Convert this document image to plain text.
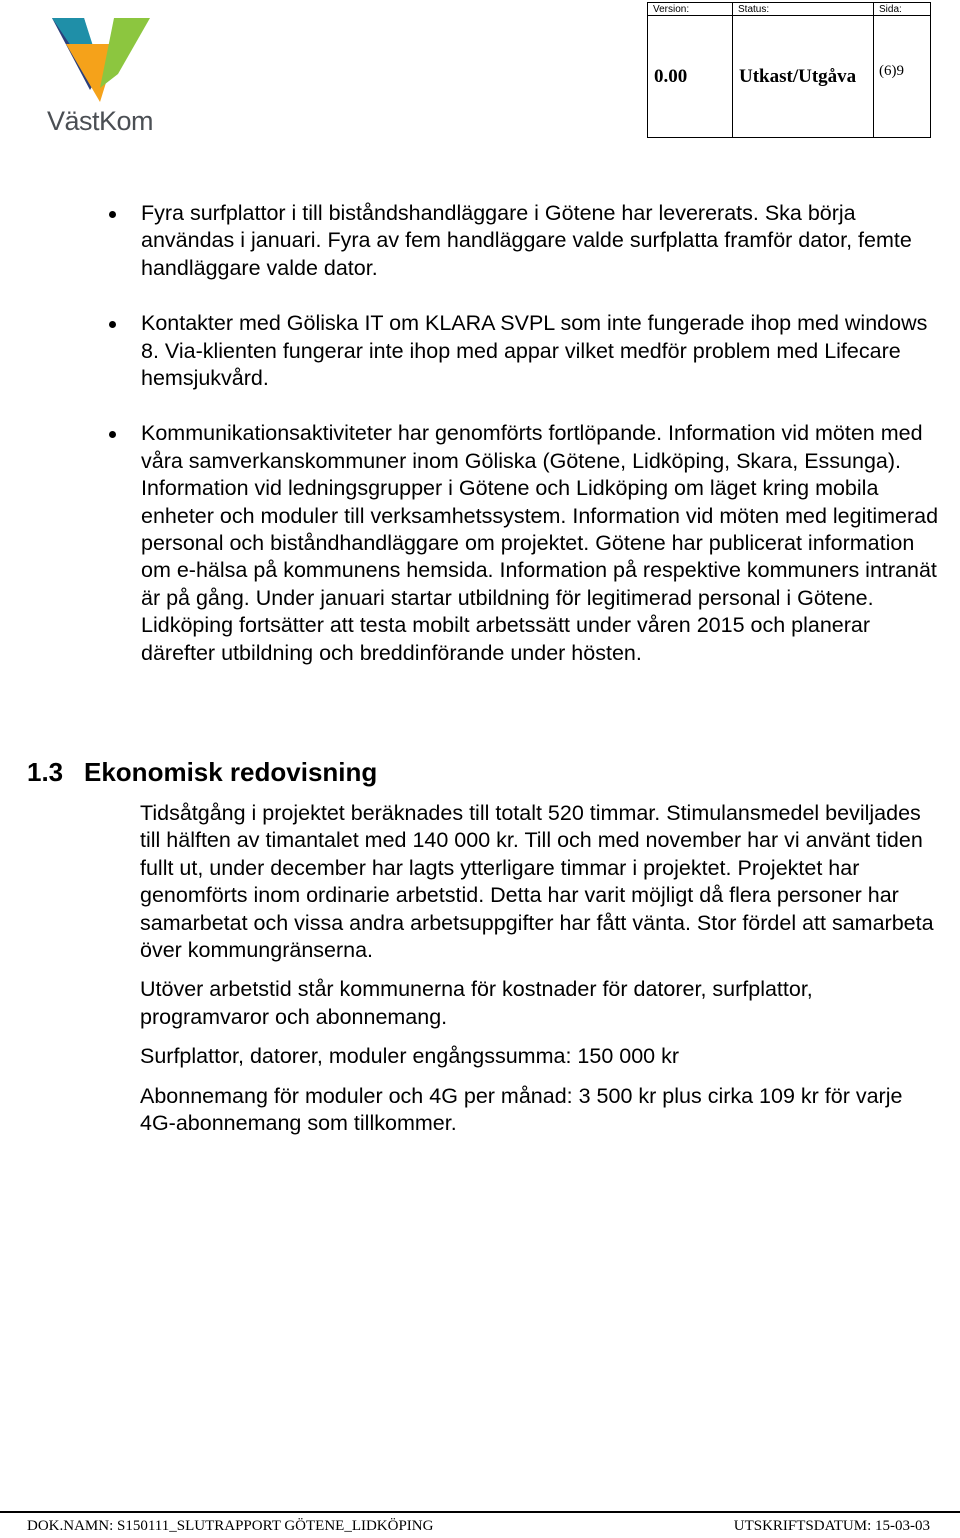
VästKom
Version:	Status:	Sida:
0.00	Utkast/Utgåva	(6)9
Fyra surfplattor i till biståndshandläggare i Götene har levererats. Ska börja användas i januari. Fyra av fem handläggare valde surfplatta framför dator, femte handläggare valde dator.
Kontakter med Göliska IT om KLARA SVPL som inte fungerade ihop med windows 8. Via-klienten fungerar inte ihop med appar vilket medför problem med Lifecare hemsjukvård.
Kommunikationsaktiviteter har genomförts fortlöpande. Information vid möten med våra samverkanskommuner inom Göliska (Götene, Lidköping, Skara, Essunga). Information vid ledningsgrupper i Götene och Lidköping om läget kring mobila enheter och moduler till verksamhetssystem. Information vid möten med legitimerad personal och biståndhandläggare om projektet. Götene har publicerat information om e-hälsa på kommunens hemsida. Information på respektive kommuners intranät är på gång. Under januari startar utbildning för legitimerad personal i Götene. Lidköping fortsätter att testa mobilt arbetssätt under våren 2015 och planerar därefter utbildning och breddinförande under hösten.
1.3 Ekonomisk redovisning

Tidsåtgång i projektet beräknades till totalt 520 timmar. Stimulansmedel beviljades till hälften av timantalet med 140 000 kr. Till och med november har vi använt tiden fullt ut, under december har lagts ytterligare timmar i projektet. Projektet har genomförts inom ordinarie arbetstid. Detta har varit möjligt då flera personer har samarbetat och vissa andra arbetsuppgifter har fått vänta. Stor fördel att samarbeta över kommungränserna.

Utöver arbetstid står kommunerna för kostnader för datorer, surfplattor, programvaror och abonnemang.

Surfplattor, datorer, moduler engångssumma: 150 000 kr

Abonnemang för moduler och 4G per månad: 3 500 kr plus cirka 109 kr för varje 4G-abonnemang som tillkommer.

DOK.NAMN: S150111_SLUTRAPPORT GÖTENE_LIDKÖPING	UTSKRIFTSDATUM: 15-03-03
